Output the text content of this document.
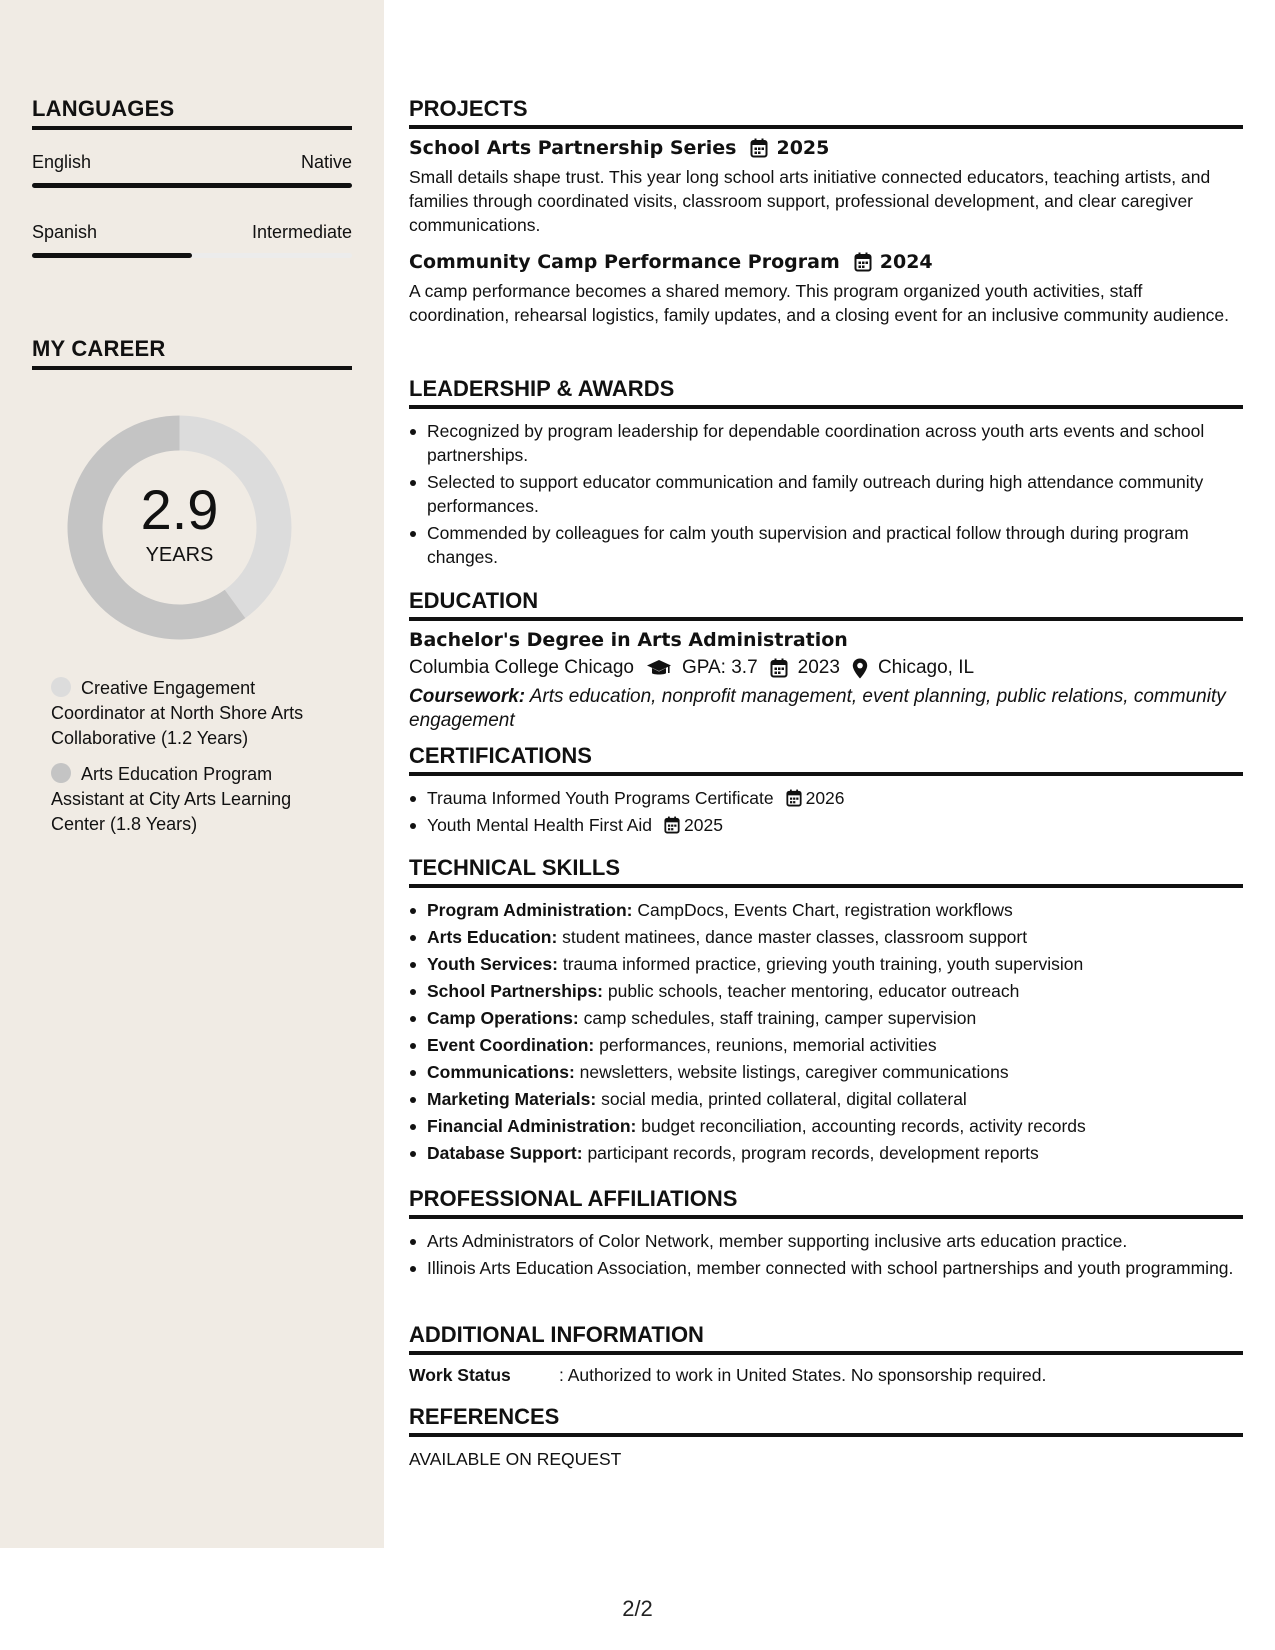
LANGUAGES
English	Native
Spanish	Intermediate
MY CAREER
2.9
YEARS
Creative Engagement Coordinator at North Shore Arts Collaborative (1.2 Years)
Arts Education Program Assistant at City Arts Learning Center (1.8 Years)
PROJECTS
School Arts Partnership Series 2025
Small details shape trust. This year long school arts initiative connected educators, teaching artists, and families through coordinated visits, classroom support, professional development, and clear caregiver communications.
Community Camp Performance Program 2024
A camp performance becomes a shared memory. This program organized youth activities, staff coordination, rehearsal logistics, family updates, and a closing event for an inclusive community audience.
LEADERSHIP & AWARDS
Recognized by program leadership for dependable coordination across youth arts events and school partnerships.
Selected to support educator communication and family outreach during high attendance community performances.
Commended by colleagues for calm youth supervision and practical follow through during program changes.
EDUCATION
Bachelor's Degree in Arts Administration
Columbia College Chicago	GPA: 3.7 2023 Chicago, IL
Coursework: Arts education, nonprofit management, event planning, public relations, community engagement
CERTIFICATIONS
Trauma Informed Youth Programs Certificate 2026
Youth Mental Health First Aid 2025
TECHNICAL SKILLS
Program Administration: CampDocs, Events Chart, registration workflows
Arts Education: student matinees, dance master classes, classroom support
Youth Services: trauma informed practice, grieving youth training, youth supervision
School Partnerships: public schools, teacher mentoring, educator outreach
Camp Operations: camp schedules, staff training, camper supervision
Event Coordination: performances, reunions, memorial activities
Communications: newsletters, website listings, caregiver communications
Marketing Materials: social media, printed collateral, digital collateral
Financial Administration: budget reconciliation, accounting records, activity records
Database Support: participant records, program records, development reports
PROFESSIONAL AFFILIATIONS
Arts Administrators of Color Network, member supporting inclusive arts education practice.
Illinois Arts Education Association, member connected with school partnerships and youth programming.
ADDITIONAL INFORMATION
Work Status	: Authorized to work in United States. No sponsorship required.
REFERENCES
AVAILABLE ON REQUEST
2/2
